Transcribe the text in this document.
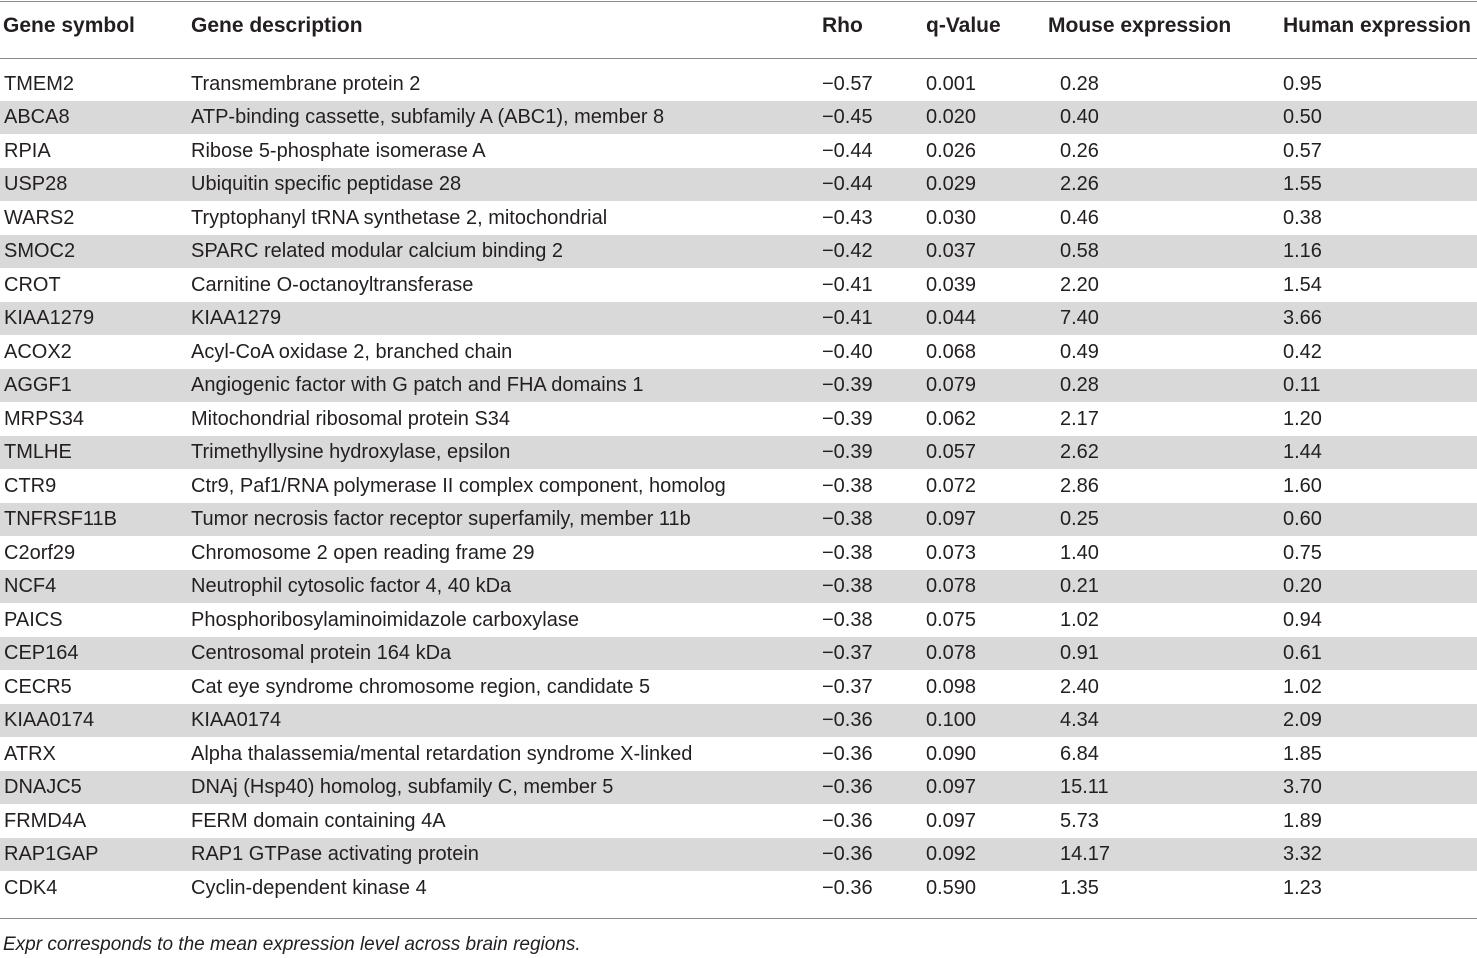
Gene symbol	Gene description	Rho	q-Value	Mouse expression	Human expression

TMEM2	Transmembrane protein 2	−0.57	0.001	0.28	0.95
ABCA8	ATP-binding cassette, subfamily A (ABC1), member 8	−0.45	0.020	0.40	0.50
RPIA	Ribose 5-phosphate isomerase A	−0.44	0.026	0.26	0.57
USP28	Ubiquitin specific peptidase 28	−0.44	0.029	2.26	1.55
WARS2	Tryptophanyl tRNA synthetase 2, mitochondrial	−0.43	0.030	0.46	0.38
SMOC2	SPARC related modular calcium binding 2	−0.42	0.037	0.58	1.16
CROT	Carnitine O-octanoyltransferase	−0.41	0.039	2.20	1.54
KIAA1279	KIAA1279	−0.41	0.044	7.40	3.66
ACOX2	Acyl-CoA oxidase 2, branched chain	−0.40	0.068	0.49	0.42
AGGF1	Angiogenic factor with G patch and FHA domains 1	−0.39	0.079	0.28	0.11
MRPS34	Mitochondrial ribosomal protein S34	−0.39	0.062	2.17	1.20
TMLHE	Trimethyllysine hydroxylase, epsilon	−0.39	0.057	2.62	1.44
CTR9	Ctr9, Paf1/RNA polymerase II complex component, homolog	−0.38	0.072	2.86	1.60
TNFRSF11B	Tumor necrosis factor receptor superfamily, member 11b	−0.38	0.097	0.25	0.60
C2orf29	Chromosome 2 open reading frame 29	−0.38	0.073	1.40	0.75
NCF4	Neutrophil cytosolic factor 4, 40 kDa	−0.38	0.078	0.21	0.20
PAICS	Phosphoribosylaminoimidazole carboxylase	−0.38	0.075	1.02	0.94
CEP164	Centrosomal protein 164 kDa	−0.37	0.078	0.91	0.61
CECR5	Cat eye syndrome chromosome region, candidate 5	−0.37	0.098	2.40	1.02
KIAA0174	KIAA0174	−0.36	0.100	4.34	2.09
ATRX	Alpha thalassemia/mental retardation syndrome X-linked	−0.36	0.090	6.84	1.85
DNAJC5	DNAj (Hsp40) homolog, subfamily C, member 5	−0.36	0.097	15.11	3.70
FRMD4A	FERM domain containing 4A	−0.36	0.097	5.73	1.89
RAP1GAP	RAP1 GTPase activating protein	−0.36	0.092	14.17	3.32
CDK4	Cyclin-dependent kinase 4	−0.36	0.590	1.35	1.23
Expr corresponds to the mean expression level across brain regions.
